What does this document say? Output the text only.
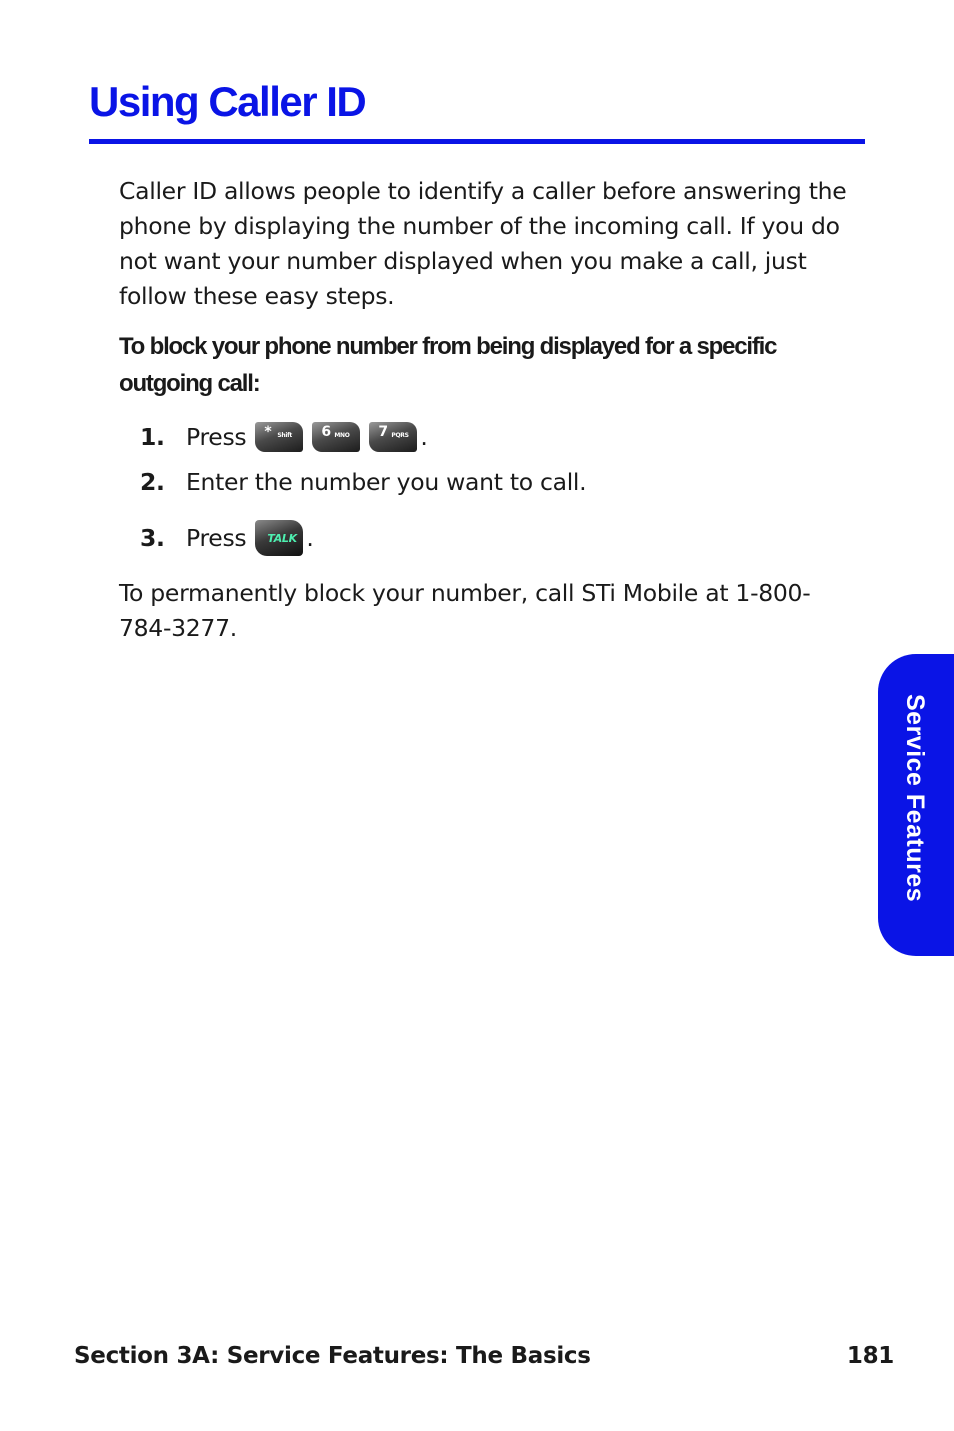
Using Caller ID

Caller ID allows people to identify a caller before answering the phone by displaying the number of the incoming call. If you do not want your number displayed when you make a call, just follow these easy steps.

To block your phone number from being displayed for a specific outgoing call:

1. Press * Shift 6 MNO 7 PQRS .
2. Enter the number you want to call.
3. Press TALK .

To permanently block your number, call STi Mobile at 1-800-784-3277.

Service Features
Section 3A: Service Features: The Basics	181
